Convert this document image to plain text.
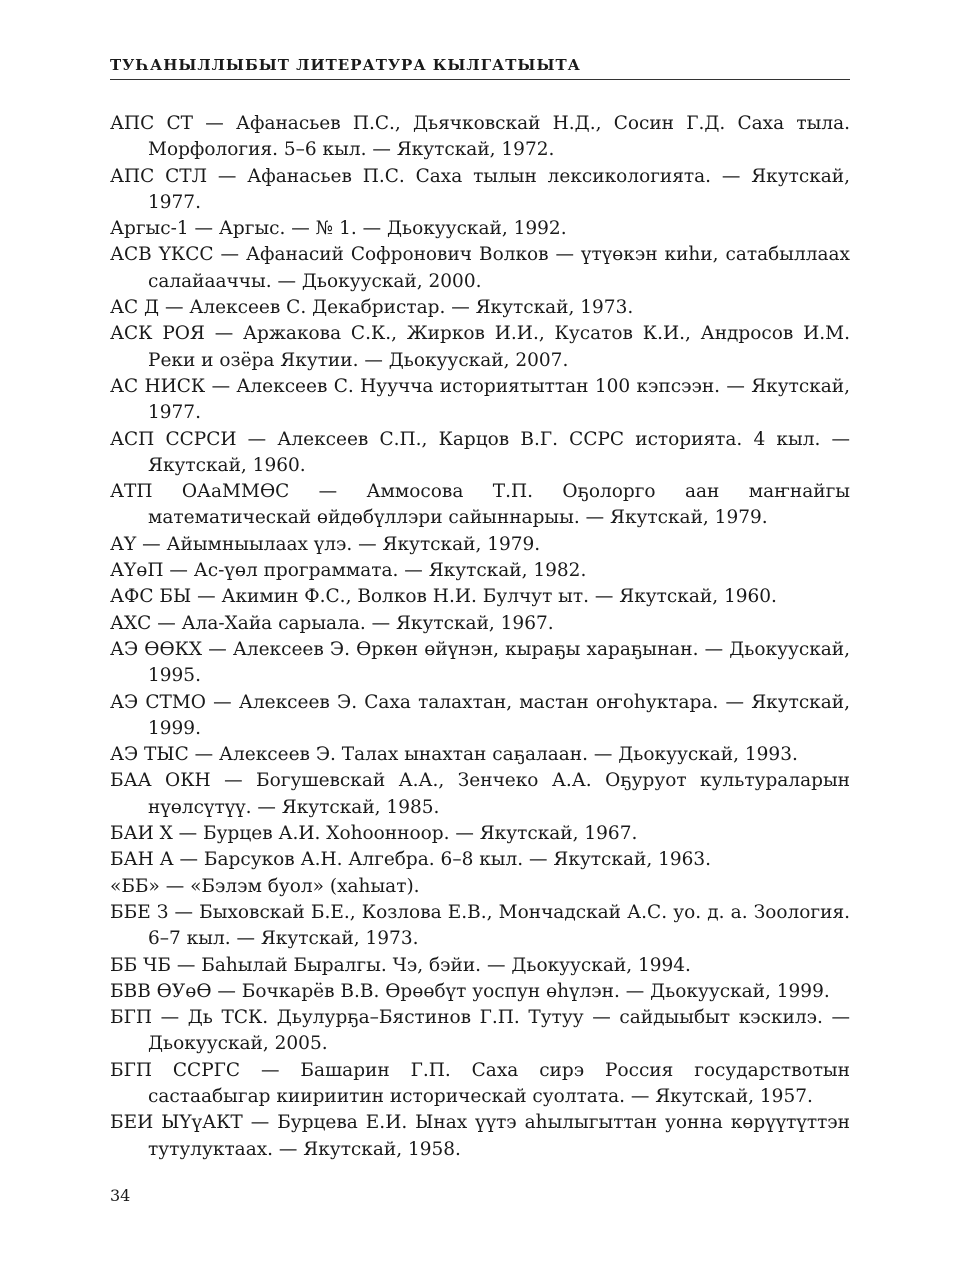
ТУҺАНЫЛЛЫБЫТ ЛИТЕРАТУРА КЫЛГАТЫЫТА

АПС СТ — Афанасьев П.С., Дьячковскай Н.Д., Сосин Г.Д. Саха тыла. Морфология. 5–6 кыл. — Якутскай, 1972.

АПС СТЛ — Афанасьев П.С. Саха тылын лексикологията. — Якутскай, 1977.

Аргыс-1 — Аргыс. — № 1. — Дьокуускай, 1992.

АСВ ҮКСС — Афанасий Софронович Волков — үтүөкэн киһи, сатабыллаах салайааччы. — Дьокуускай, 2000.

АС Д — Алексеев С. Декабристар. — Якутскай, 1973.

АСК РОЯ — Аржакова С.К., Жирков И.И., Кусатов К.И., Андросов И.М. Реки и озёра Якутии. — Дьокуускай, 2007.

АС НИСК — Алексеев С. Нуучча историятыттан 100 кэпсээн. — Якутскай, 1977.

АСП ССРСИ — Алексеев С.П., Карцов В.Г. ССРС историята. 4 кыл. — Якутскай, 1960.

АТП ОАаММӨС — Аммосова Т.П. Оҕолорго аан маҥнайгы математическай өйдөбүллэри сайыннарыы. — Якутскай, 1979.

АҮ — Айымныылаах үлэ. — Якутскай, 1979.

АҮөП — Ас-үөл программата. — Якутскай, 1982.

АФС БЫ — Акимин Ф.С., Волков Н.И. Булчут ыт. — Якутскай, 1960.

АХС — Ала-Хайа сарыала. — Якутскай, 1967.

АЭ ӨӨКХ — Алексеев Э. Өркөн өйүнэн, кыраҕы хараҕынан. — Дьокуускай, 1995.

АЭ СТМО — Алексеев Э. Саха талахтан, мастан оҥоһуктара. — Якутскай, 1999.

АЭ ТЫС — Алексеев Э. Талах ынахтан саҕалаан. — Дьокуускай, 1993.

БАА ОКН — Богушевскай А.А., Зенчеко А.А. Оҕуруот культураларын нүөлсүтүү. — Якутскай, 1985.

БАИ Х — Бурцев А.И. Хоһоонноор. — Якутскай, 1967.

БАН А — Барсуков А.Н. Алгебра. 6–8 кыл. — Якутскай, 1963.

«ББ» — «Бэлэм буол» (хаһыат).

ББЕ З — Быховскай Б.Е., Козлова Е.В., Мончадскай А.С. уо. д. а. Зоология. 6–7 кыл. — Якутскай, 1973.

ББ ЧБ — Баһылай Быралгы. Чэ, бэйи. — Дьокуускай, 1994.

БВВ ӨУөӨ — Бочкарёв В.В. Өрөөбүт уоспун өһүлэн. — Дьокуускай, 1999.

БГП — Дь ТСК. Дьулурҕа–Бястинов Г.П. Тутуу — сайдыыбыт кэскилэ. — Дьокуускай, 2005.

БГП ССРГС — Башарин Г.П. Саха сирэ Россия государствотын састаабыгар киириитин историческай суолтата. — Якутскай, 1957.

БЕИ ЫҮүАКТ — Бурцева Е.И. Ынах үүтэ аһылыгыттан уонна көрүүтүттэн тутулуктаах. — Якутскай, 1958.

34
